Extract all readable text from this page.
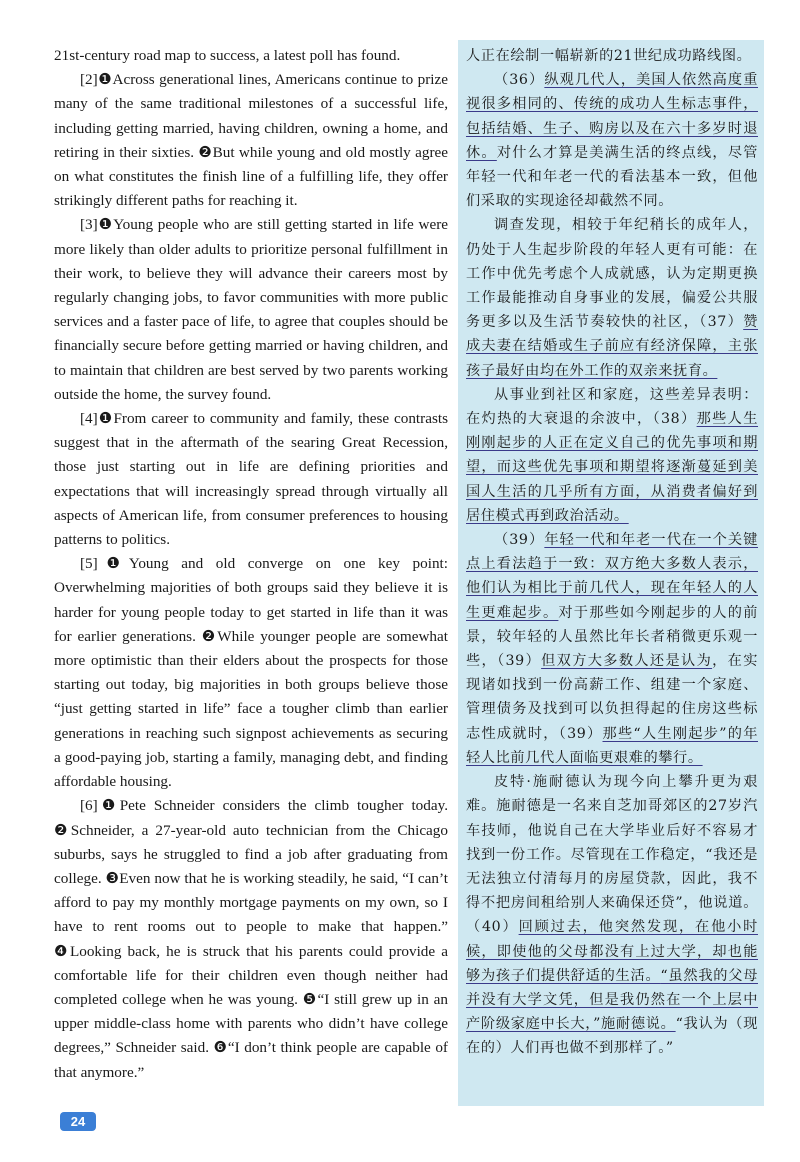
21st-century road map to success, a latest poll has found.

[2]❶Across generational lines, Americans continue to prize many of the same traditional milestones of a successful life, including getting married, having children, owning a home, and retiring in their sixties. ❷But while young and old mostly agree on what constitutes the finish line of a fulfilling life, they offer strikingly different paths for reaching it.

[3]❶Young people who are still getting started in life were more likely than older adults to prioritize personal fulfillment in their work, to believe they will advance their careers most by regularly changing jobs, to favor communities with more public services and a faster pace of life, to agree that couples should be financially secure before getting married or having children, and to maintain that children are best served by two parents working outside the home, the survey found.

[4]❶From career to community and family, these contrasts suggest that in the aftermath of the searing Great Recession, those just starting out in life are defining priorities and expectations that will increasingly spread through virtually all aspects of American life, from consumer preferences to housing patterns to politics.

[5]❶Young and old converge on one key point: Overwhelming majorities of both groups said they believe it is harder for young people today to get started in life than it was for earlier generations. ❷While younger people are somewhat more optimistic than their elders about the prospects for those starting out today, big majorities in both groups believe those “just getting started in life” face a tougher climb than earlier generations in reaching such signpost achievements as securing a good-paying job, starting a family, managing debt, and finding affordable housing.

[6]❶Pete Schneider considers the climb tougher today. ❷Schneider, a 27-year-old auto technician from the Chicago suburbs, says he struggled to find a job after graduating from college. ❸Even now that he is working steadily, he said, “I can’t afford to pay my monthly mortgage payments on my own, so I have to rent rooms out to people to make that happen.” ❹Looking back, he is struck that his parents could provide a comfortable life for their children even though neither had completed college when he was young. ❺“I still grew up in an upper middle-class home with parents who didn’t have college degrees,” Schneider said. ❻“I don’t think people are capable of that anymore.”

人正在绘制一幅崭新的21世纪成功路线图。

（36）纵观几代人，美国人依然高度重视很多相同的、传统的成功人生标志事件，包括结婚、生子、购房以及在六十多岁时退休。对什么才算是美满生活的终点线，尽管年轻一代和年老一代的看法基本一致，但他们采取的实现途径却截然不同。

调查发现，相较于年纪稍长的成年人，仍处于人生起步阶段的年轻人更有可能：在工作中优先考虑个人成就感，认为定期更换工作最能推动自身事业的发展，偏爱公共服务更多以及生活节奏较快的社区，（37）赞成夫妻在结婚或生子前应有经济保障，主张孩子最好由均在外工作的双亲来抚育。

从事业到社区和家庭，这些差异表明：在灼热的大衰退的余波中，（38）那些人生刚刚起步的人正在定义自己的优先事项和期望，而这些优先事项和期望将逐渐蔓延到美国人生活的几乎所有方面，从消费者偏好到居住模式再到政治活动。

（39）年轻一代和年老一代在一个关键点上看法趋于一致：双方绝大多数人表示，他们认为相比于前几代人，现在年轻人的人生更难起步。对于那些如今刚起步的人的前景，较年轻的人虽然比年长者稍微更乐观一些，（39）但双方大多数人还是认为，在实现诸如找到一份高薪工作、组建一个家庭、管理债务及找到可以负担得起的住房这些标志性成就时，（39）那些“人生刚起步”的年轻人比前几代人面临更艰难的攀行。

皮特·施耐德认为现今向上攀升更为艰难。施耐德是一名来自芝加哥郊区的27岁汽车技师，他说自己在大学毕业后好不容易才找到一份工作。尽管现在工作稳定，“我还是无法独立付清每月的房屋贷款，因此，我不得不把房间租给别人来确保还贷”，他说道。（40）回顾过去，他突然发现，在他小时候，即使他的父母都没有上过大学，却也能够为孩子们提供舒适的生活。“虽然我的父母并没有大学文凭，但是我仍然在一个上层中产阶级家庭中长大，”施耐德说。“我认为（现在的）人们再也做不到那样了。”

24
